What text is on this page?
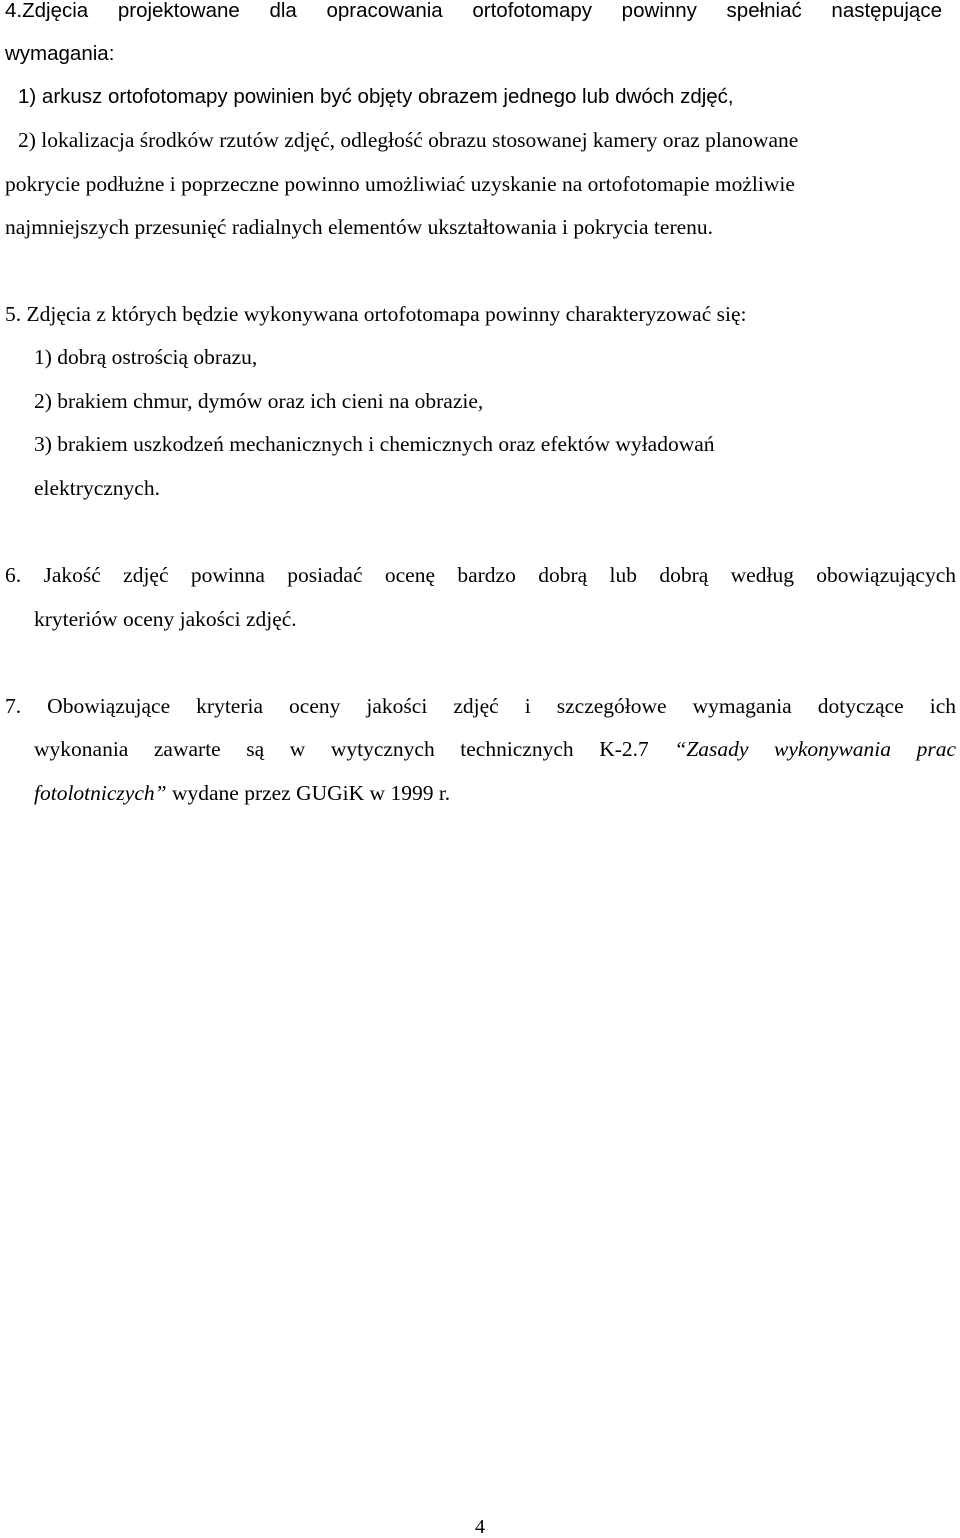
4.Zdjęcia projektowane dla opracowania ortofotomapy powinny spełniać następujące
wymagania:
1) arkusz ortofotomapy powinien być objęty obrazem jednego lub dwóch zdjęć,
2) lokalizacja środków rzutów zdjęć, odległość obrazu stosowanej kamery oraz planowane
pokrycie podłużne i poprzeczne powinno umożliwiać uzyskanie na ortofotomapie możliwie
najmniejszych przesunięć radialnych elementów ukształtowania i pokrycia terenu.
5. Zdjęcia z których będzie wykonywana ortofotomapa powinny charakteryzować się:
1) dobrą ostrością obrazu,
2) brakiem chmur, dymów oraz ich cieni na obrazie,
3) brakiem uszkodzeń mechanicznych i chemicznych oraz efektów wyładowań
elektrycznych.
6. Jakość zdjęć powinna posiadać ocenę bardzo dobrą lub dobrą według obowiązujących
kryteriów oceny jakości zdjęć.
7. Obowiązujące kryteria oceny jakości zdjęć i szczegółowe wymagania dotyczące ich
wykonania zawarte są w wytycznych technicznych K-2.7 “Zasady wykonywania prac
fotolotniczych” wydane przez GUGiK w 1999 r.
4
